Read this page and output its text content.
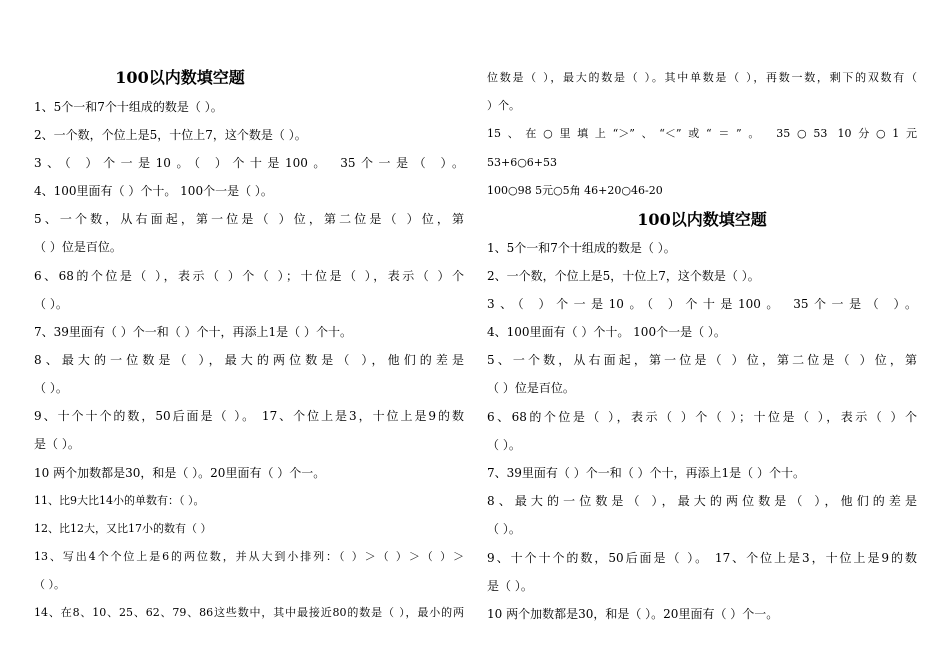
100以内数填空题
1、5个一和7个十组成的数是（ ）。
2、一个数，个位上是5，十位上7，这个数是（ ）。
3、（ ）个一是10。（ ）个十是100。 35个一是（ ）。
4、100里面有（ ）个十。 100个一是（ ）。
5、一个数，从右面起，第一位是（ ）位，第二位是（ ）位，第
（ ）位是百位。
6、68的个位是（ ），表示（ ）个（ ）；十位是（ ），表示（ ）个
（ ）。
7、39里面有（ ）个一和（ ）个十，再添上1是（ ）个十。
8、最大的一位数是（ ），最大的两位数是（ ），他们的差是
（ ）。
9、十个十个的数，50后面是（ ）。 17、个位上是3，十位上是9的数
是（ ）。
10 两个加数都是30，和是（ ）。20里面有（ ）个一。
11、比9大比14小的单数有：（ ）。
12、比12大，又比17小的数有（ ）
13、写出4个个位上是6的两位数，并从大到小排列：（ ）＞（ ）＞（ ）＞
（ ）。
14、在8、10、25、62、79、86这些数中，其中最接近80的数是（ ），最小的两
位数是（ ），最大的数是（ ）。其中单数是（ ），再数一数，剩下的双数有（
）个。
15、在○里填上“＞”、“＜”或“＝”。 35○53 10分○1元
53+6○6+53
100○98 5元○5角 46+20○46-20
100以内数填空题
1、5个一和7个十组成的数是（ ）。
2、一个数，个位上是5，十位上7，这个数是（ ）。
3、（ ）个一是10。（ ）个十是100。 35个一是（ ）。
4、100里面有（ ）个十。 100个一是（ ）。
5、一个数，从右面起，第一位是（ ）位，第二位是（ ）位，第
（ ）位是百位。
6、68的个位是（ ），表示（ ）个（ ）；十位是（ ），表示（ ）个
（ ）。
7、39里面有（ ）个一和（ ）个十，再添上1是（ ）个十。
8、最大的一位数是（ ），最大的两位数是（ ），他们的差是
（ ）。
9、十个十个的数，50后面是（ ）。 17、个位上是3，十位上是9的数
是（ ）。
10 两个加数都是30，和是（ ）。20里面有（ ）个一。
